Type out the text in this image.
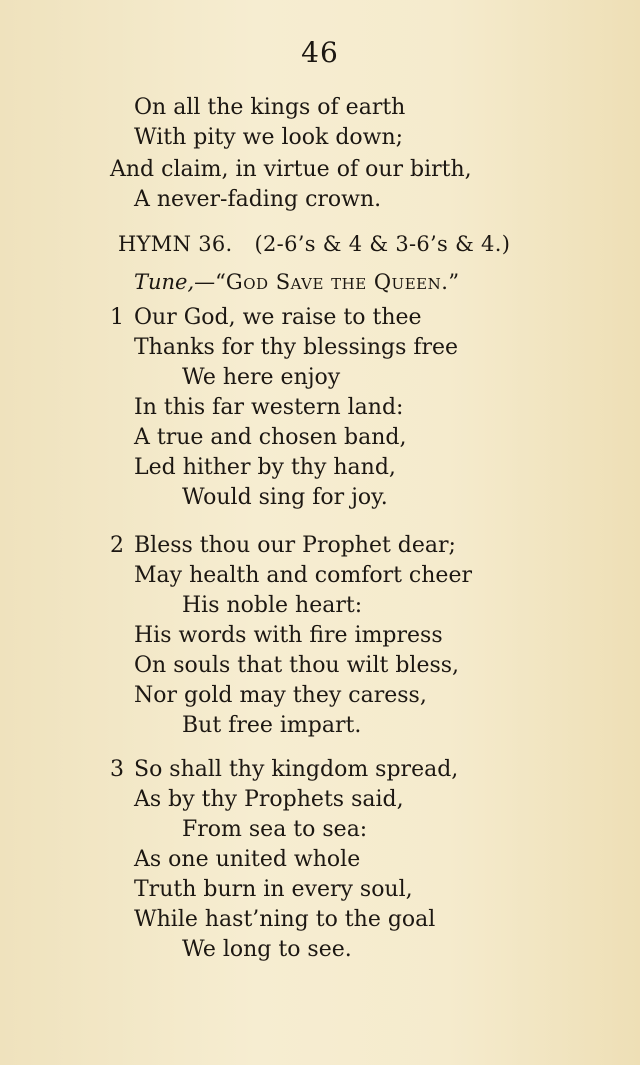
46
On all the kings of earth
With pity we look down;
And claim, in virtue of our birth,
A never-fading crown.
HYMN 36. (2-6’s & 4 & 3-6’s & 4.)
Tune,—“God Save the Queen.”
1 Our God, we raise to thee
Thanks for thy blessings free
We here enjoy
In this far western land:
A true and chosen band,
Led hither by thy hand,
Would sing for joy.
2 Bless thou our Prophet dear;
May health and comfort cheer
His noble heart:
His words with fire impress
On souls that thou wilt bless,
Nor gold may they caress,
But free impart.
3 So shall thy kingdom spread,
As by thy Prophets said,
From sea to sea:
As one united whole
Truth burn in every soul,
While hast’ning to the goal
We long to see.
